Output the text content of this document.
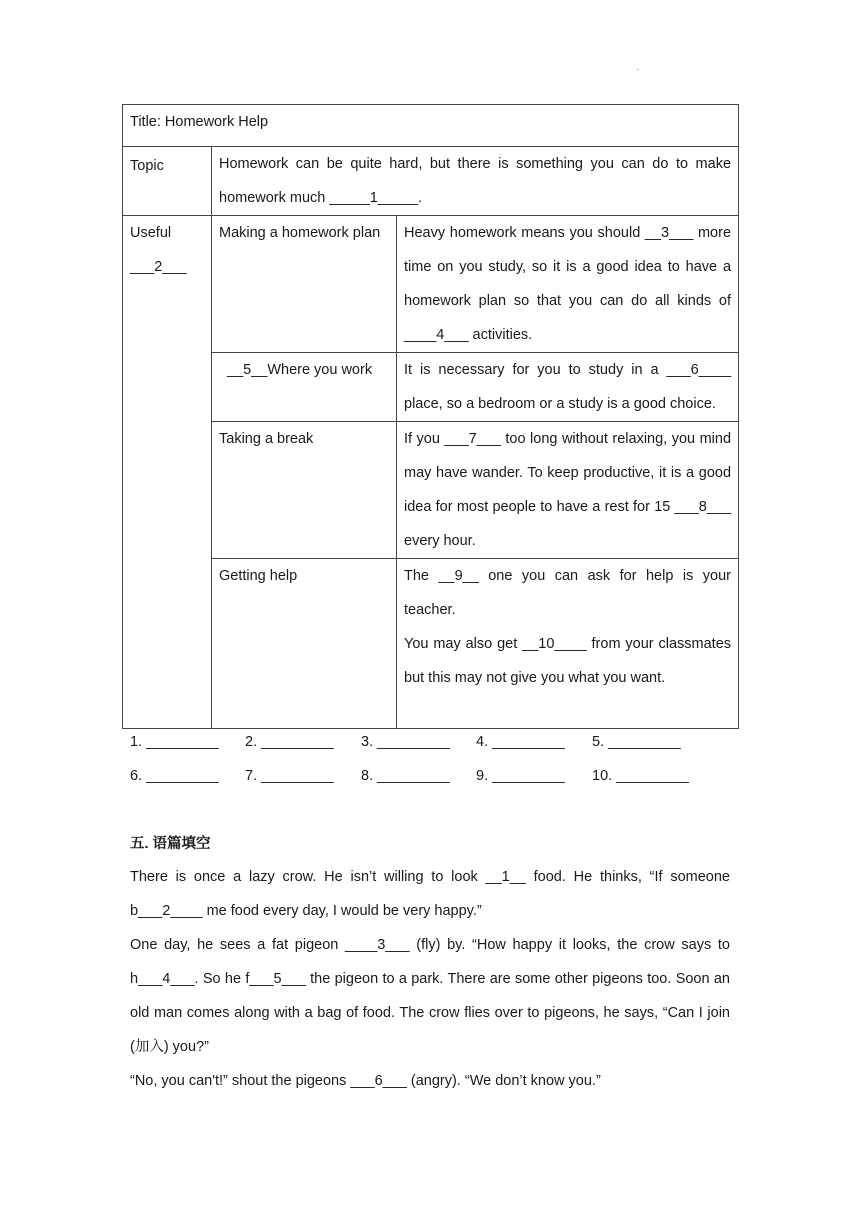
·
Title: Homework Help		
Topic	Homework can be quite hard, but there is something you can do to make homework much _____1_____.	
Useful
___2___	Making a homework plan	Heavy homework means you should __3___ more time on you study, so it is a good idea to have a homework plan so that you can do all kinds of ____4___ activities.
	__5__Where you work	It is necessary for you to study in a ___6____ place, so a bedroom or a study is a good choice.
	Taking a break	If you ___7___ too long without relaxing, you mind may have wander. To keep productive, it is a good idea for most people to have a rest for 15 ___8___ every hour.
	Getting help	The __9__ one you can ask for help is your teacher.
You may also get __10____ from your classmates but this may not give you what you want.
1. _________ 2. _________ 3. _________ 4. _________ 5. _________
6. _________ 7. _________ 8. _________ 9. _________ 10. _________
五. 语篇填空

There is once a lazy crow. He isn’t willing to look __1__ food. He thinks, “If someone b___2____ me food every day, I would be very happy.”

One day, he sees a fat pigeon ____3___ (fly) by. “How happy it looks, the crow says to h___4___. So he f___5___ the pigeon to a park. There are some other pigeons too. Soon an old man comes along with a bag of food. The crow flies over to pigeons, he says, “Can I join (加入) you?”

“No, you can't!” shout the pigeons ___6___ (angry). “We don’t know you.”
